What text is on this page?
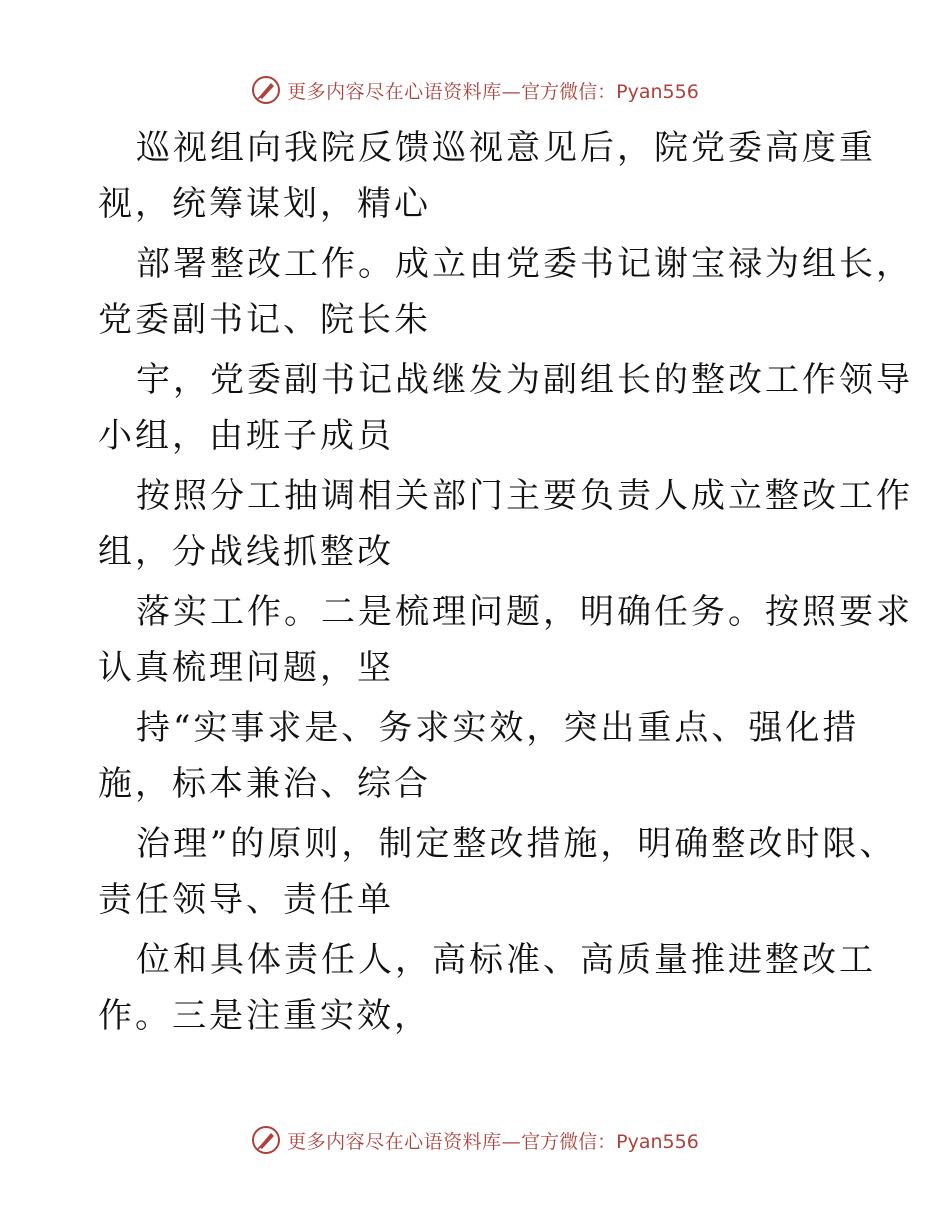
更多内容尽在心语资料库— 官方微信：Pyan556
巡视组向我院反馈巡视意见后，院党委高度重
视，统筹谋划，精心
部署整改工作。成立由党委书记谢宝禄为组长，
党委副书记、院长朱
宇，党委副书记战继发为副组长的整改工作领导
小组，由班子成员
按照分工抽调相关部门主要负责人成立整改工作
组，分战线抓整改
落实工作。二是梳理问题，明确任务。按照要求
认真梳理问题，坚
持“实事求是、务求实效，突出重点、强化措
施，标本兼治、综合
治理”的原则，制定整改措施，明确整改时限、
责任领导、责任单
位和具体责任人，高标准、高质量推进整改工
作。三是注重实效，
更多内容尽在心语资料库— 官方微信：Pyan556
